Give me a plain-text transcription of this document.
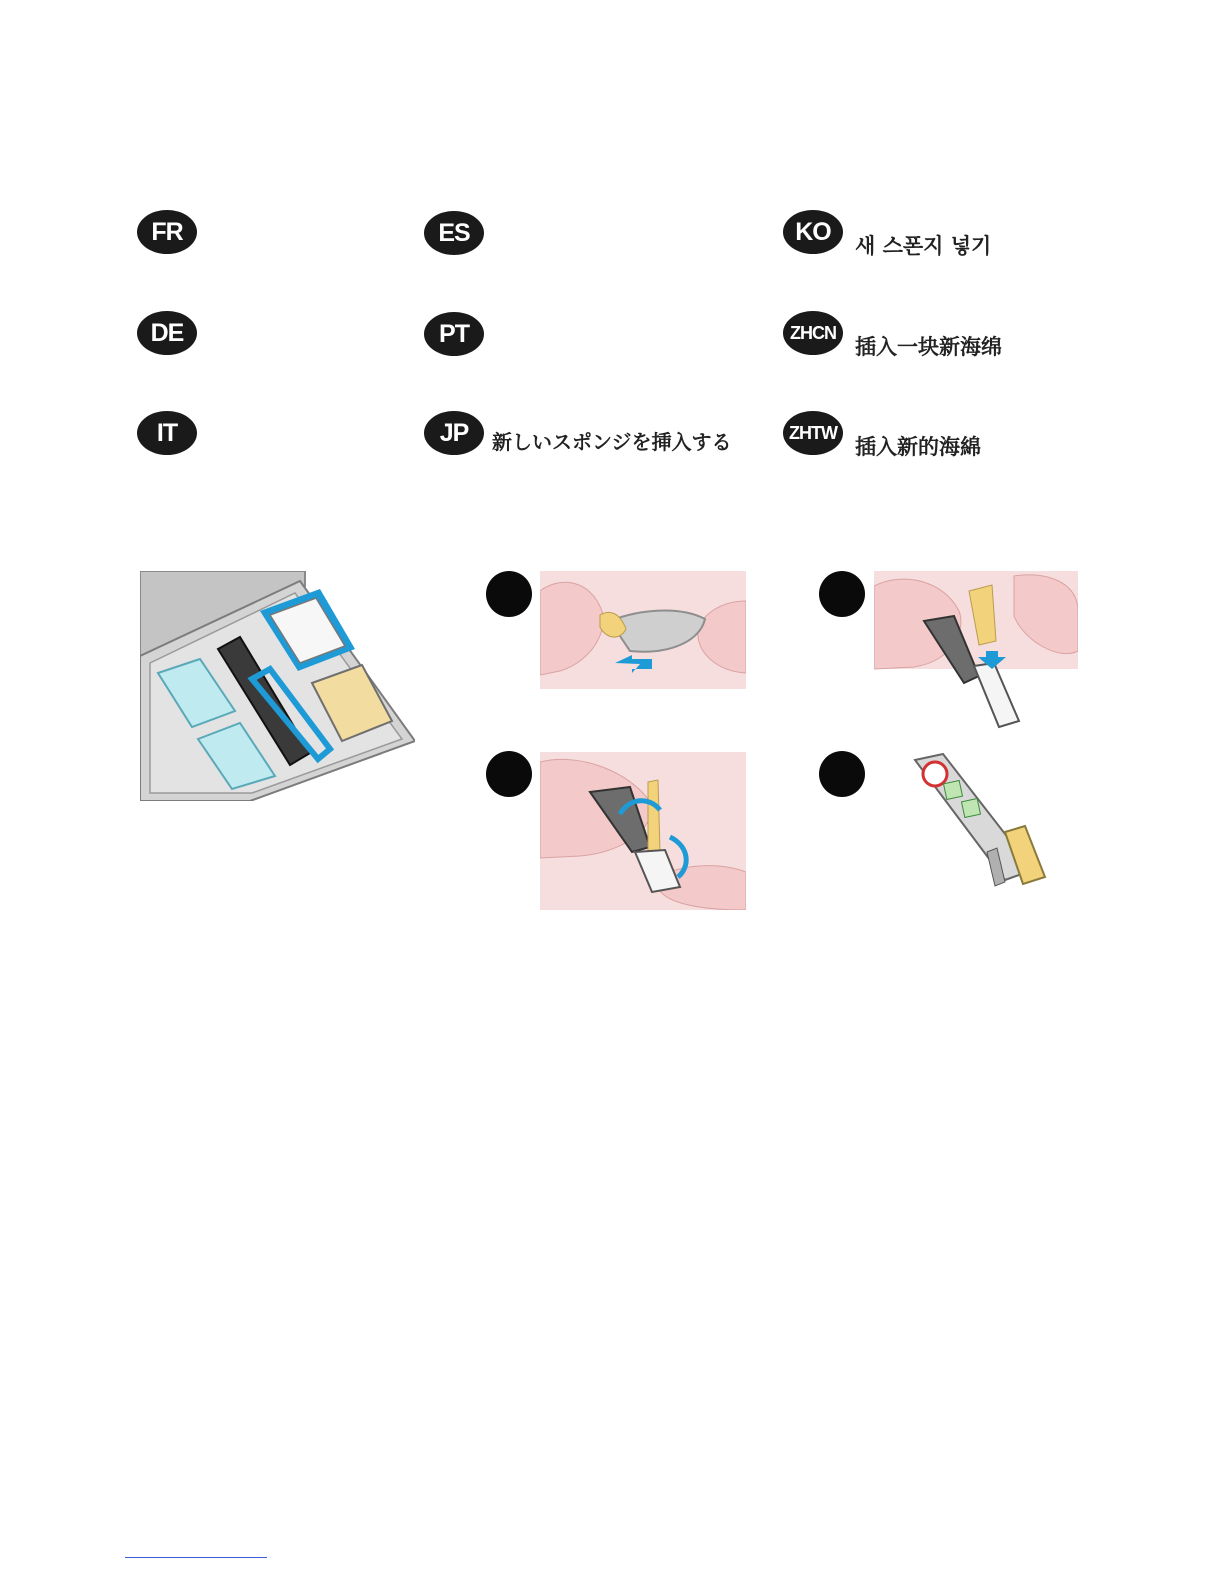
FR
DE
IT
ES
PT
JP	新しいスポンジを挿入する
KO
새 스폰지 넣기
ZHCN
插入一块新海绵
ZHTW
插入新的海綿
